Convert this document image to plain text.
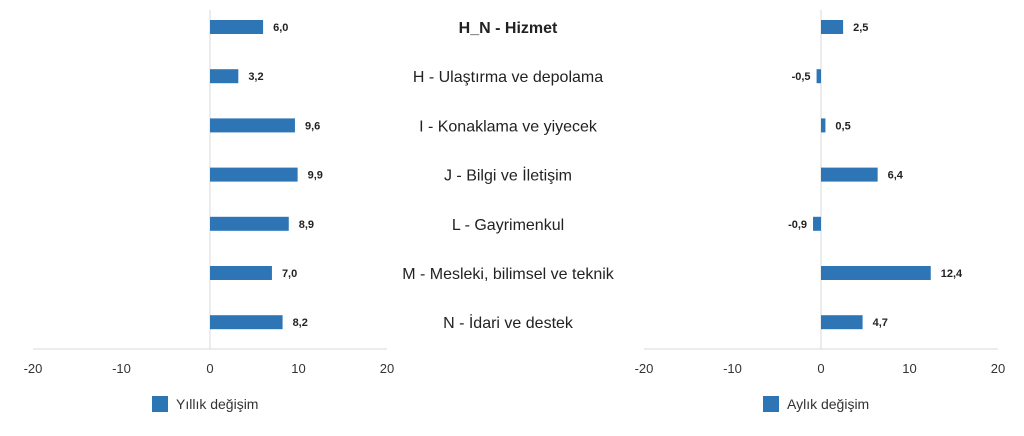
-20	-10	0	10	20
6,0
3,2
9,6
9,9
8,9
7,0
8,2
Yıllık değişim
-20	-10	0	10	20
2,5
-0,5
0,5
6,4
-0,9
12,4
4,7
Aylık değişim
H_N - Hizmet
H - Ulaştırma ve depolama
I - Konaklama ve yiyecek
J - Bilgi ve İletişim
L - Gayrimenkul
M - Mesleki, bilimsel ve teknik
N - İdari ve destek
